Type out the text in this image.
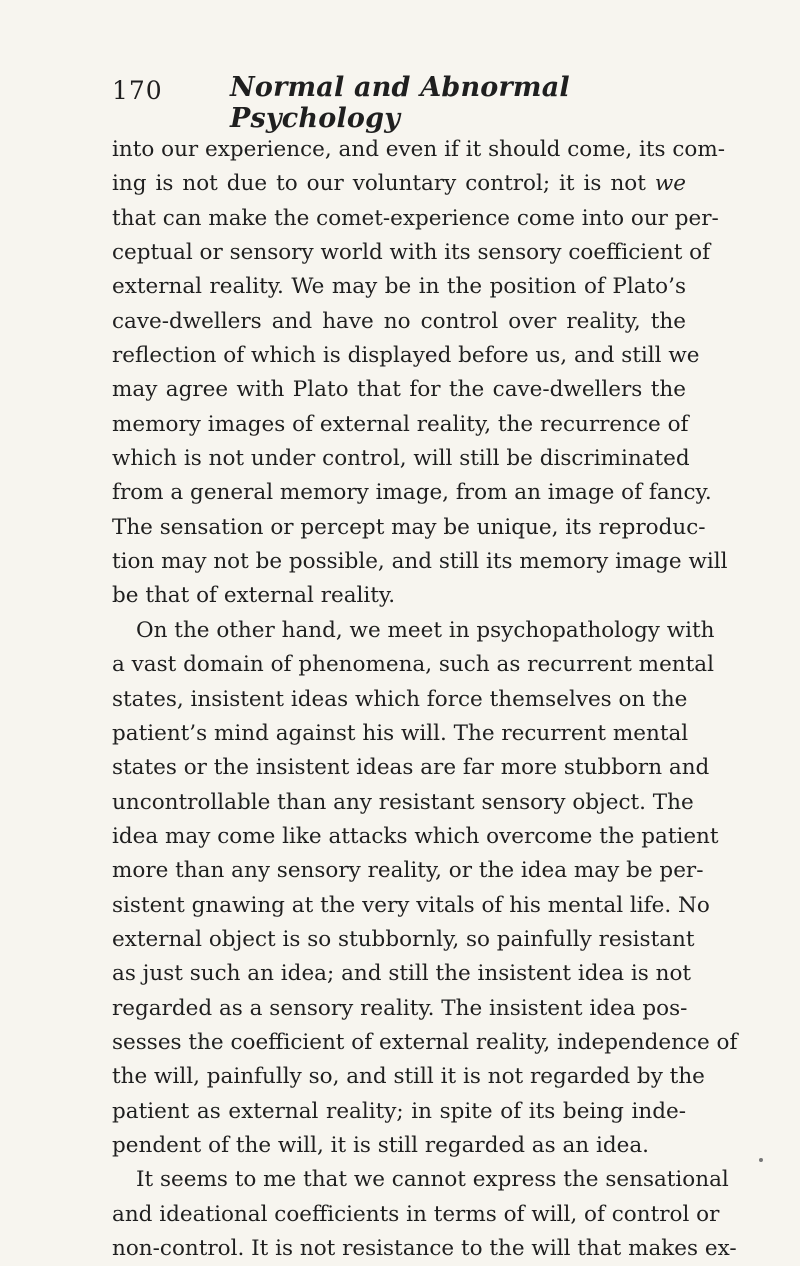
170 Normal and Abnormal Psychology
into our experience, and even if it should come, its com-
ing is not due to our voluntary control; it is not we
that can make the comet-experience come into our per-
ceptual or sensory world with its sensory coefficient of
external reality. We may be in the position of Plato’s
cave-dwellers and have no control over reality, the
reflection of which is displayed before us, and still we
may agree with Plato that for the cave-dwellers the
memory images of external reality, the recurrence of
which is not under control, will still be discriminated
from a general memory image, from an image of fancy.
The sensation or percept may be unique, its reproduc-
tion may not be possible, and still its memory image will
be that of external reality.
On the other hand, we meet in psychopathology with
a vast domain of phenomena, such as recurrent mental
states, insistent ideas which force themselves on the
patient’s mind against his will. The recurrent mental
states or the insistent ideas are far more stubborn and
uncontrollable than any resistant sensory object. The
idea may come like attacks which overcome the patient
more than any sensory reality, or the idea may be per-
sistent gnawing at the very vitals of his mental life. No
external object is so stubbornly, so painfully resistant
as just such an idea; and still the insistent idea is not
regarded as a sensory reality. The insistent idea pos-
sesses the coefficient of external reality, independence of
the will, painfully so, and still it is not regarded by the
patient as external reality; in spite of its being inde-
pendent of the will, it is still regarded as an idea.
It seems to me that we cannot express the sensational
and ideational coefficients in terms of will, of control or
non-control. It is not resistance to the will that makes ex-
